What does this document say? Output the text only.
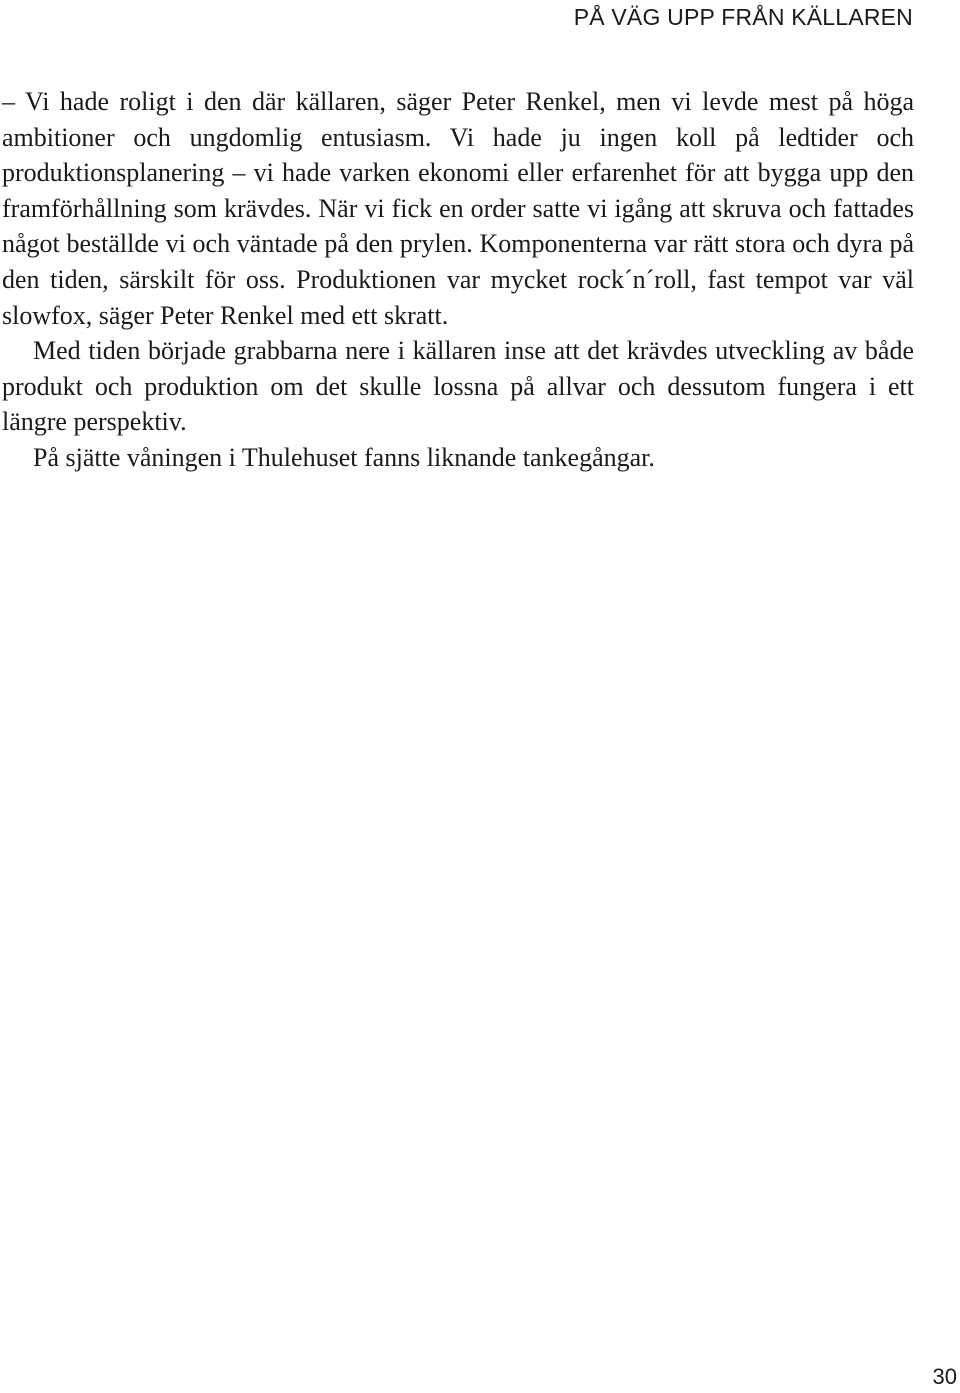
PÅ VÄG UPP FRÅN KÄLLAREN

– Vi hade roligt i den där källaren, säger Peter Renkel, men vi levde mest på höga ambitioner och ungdomlig entusiasm. Vi hade ju ingen koll på ledtider och produktionsplanering – vi hade varken ekonomi eller erfarenhet för att bygga upp den framförhållning som krävdes. När vi fick en order satte vi igång att skruva och fattades något beställde vi och väntade på den prylen. Komponenterna var rätt stora och dyra på den tiden, särskilt för oss. Produktionen var mycket rock´n´roll, fast tempot var väl slowfox, säger Peter Renkel med ett skratt.

Med tiden började grabbarna nere i källaren inse att det krävdes utveckling av både produkt och produktion om det skulle lossna på allvar och dessutom fungera i ett längre perspektiv.

På sjätte våningen i Thulehuset fanns liknande tankegångar.

30
